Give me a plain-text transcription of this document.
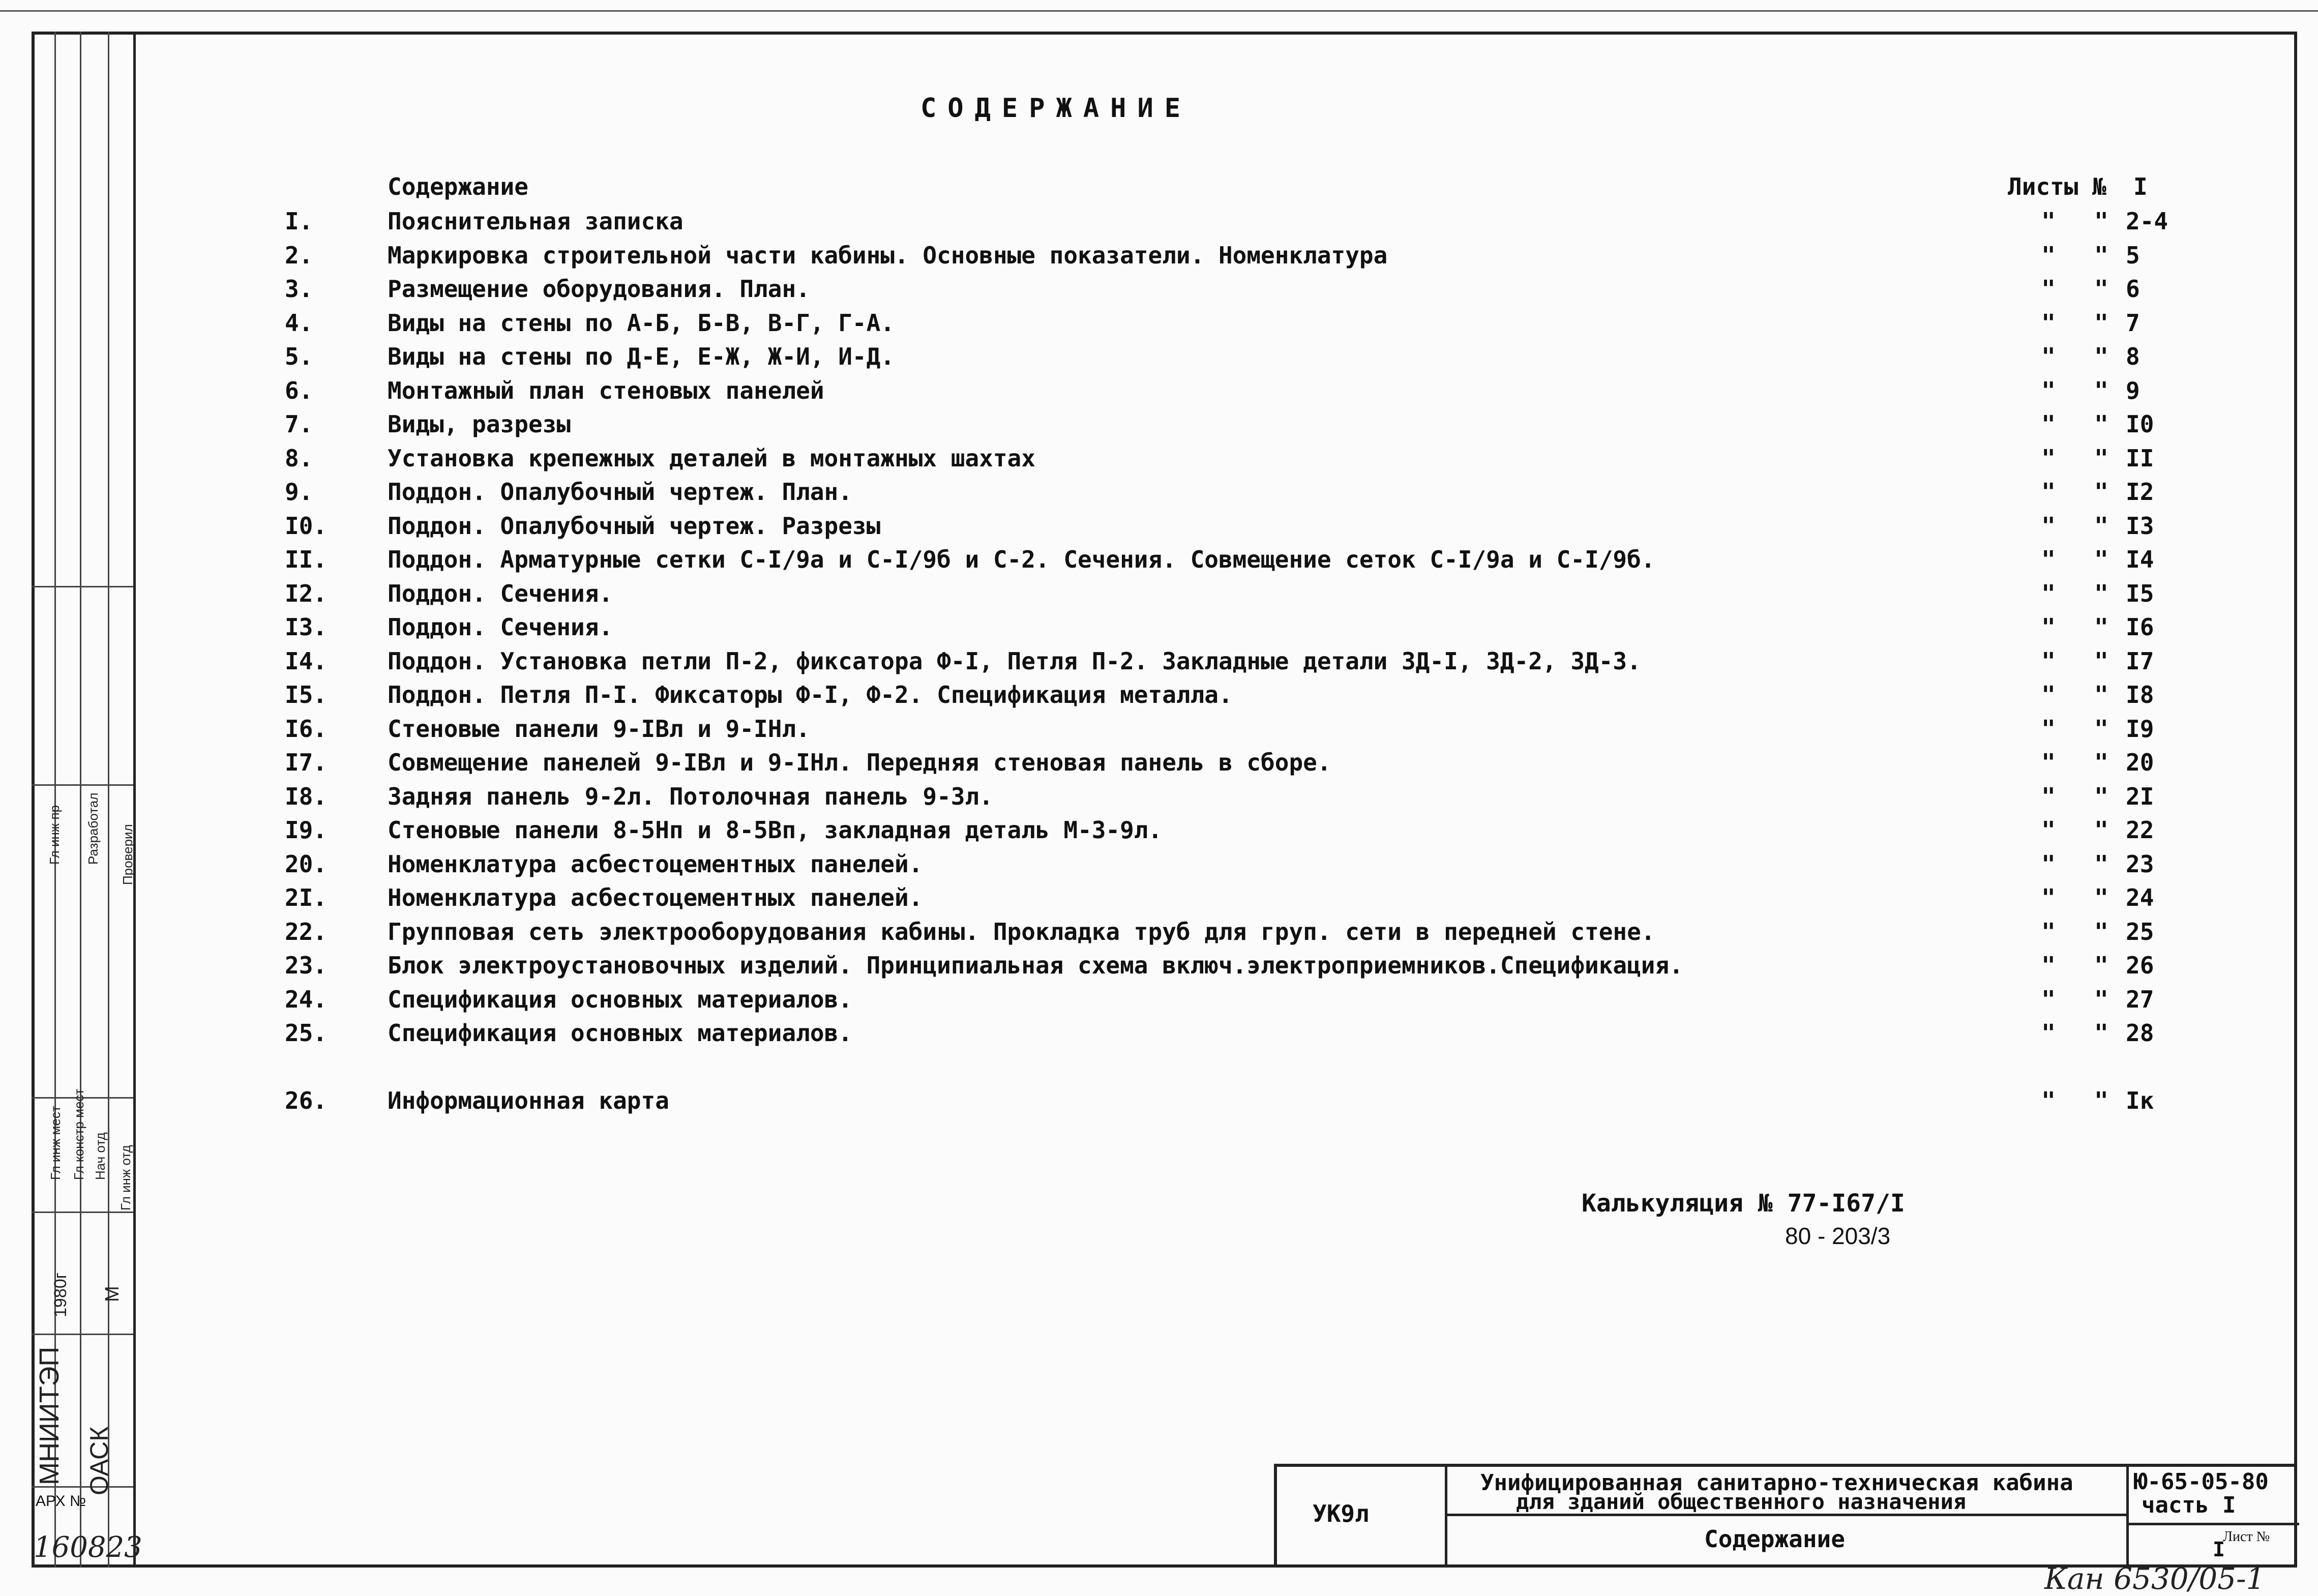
Гл инж пр Разработал Проверил
Гл инж мест Гл констр мест Нач отд Гл инж отд
МНИИТЭП ОАСК
1980г М
АРХ №
160823
СОДЕРЖАНИЕ
Содержание	Листы № I
I.	Пояснительная записка	" " 2-4
2.	Маркировка строительной части кабины. Основные показатели. Номенклатура	" " 5
3.	Размещение оборудования. План.	" " 6
4.	Виды на стены по А-Б, Б-В, В-Г, Г-А.	" " 7
5.	Виды на стены по Д-Е, Е-Ж, Ж-И, И-Д.	" " 8
6.	Монтажный план стеновых панелей	" " 9
7.	Виды, разрезы	" " I0
8.	Установка крепежных деталей в монтажных шахтах	" " II
9.	Поддон. Опалубочный чертеж. План.	" " I2
I0.	Поддон. Опалубочный чертеж. Разрезы	" " I3
II.	Поддон. Арматурные сетки С-I/9а и С-I/9б и С-2. Сечения. Совмещение сеток С-I/9а и С-I/9б.	" " I4
I2.	Поддон. Сечения.	" " I5
I3.	Поддон. Сечения.	" " I6
I4.	Поддон. Установка петли П-2, фиксатора Ф-I, Петля П-2. Закладные детали ЗД-I, ЗД-2, ЗД-3.	" " I7
I5.	Поддон. Петля П-I. Фиксаторы Ф-I, Ф-2. Спецификация металла.	" " I8
I6.	Стеновые панели 9-IВл и 9-IНл.	" " I9
I7.	Совмещение панелей 9-IВл и 9-IНл. Передняя стеновая панель в сборе.	" " 20
I8.	Задняя панель 9-2л. Потолочная панель 9-3л.	" " 2I
I9.	Стеновые панели 8-5Нп и 8-5Вп, закладная деталь М-3-9л.	" " 22
20.	Номенклатура асбестоцементных панелей.	" " 23
2I.	Номенклатура асбестоцементных панелей.	" " 24
22.	Групповая сеть электрооборудования кабины. Прокладка труб для груп. сети в передней стене.	" " 25
23.	Блок электроустановочных изделий. Принципиальная схема включ.электроприемников.Спецификация.	" " 26
24.	Спецификация основных материалов.	" " 27
25.	Спецификация основных материалов.	" " 28
26.	Информационная карта	" " Iк
Калькуляция № 77-I67/I
80 - 203/3
УК9л
Унифицированная санитарно-техническая кабина
для зданий общественного назначения
Содержание
Ю-65-05-80
часть I
Лист №
I
Кан 6530/05-1
